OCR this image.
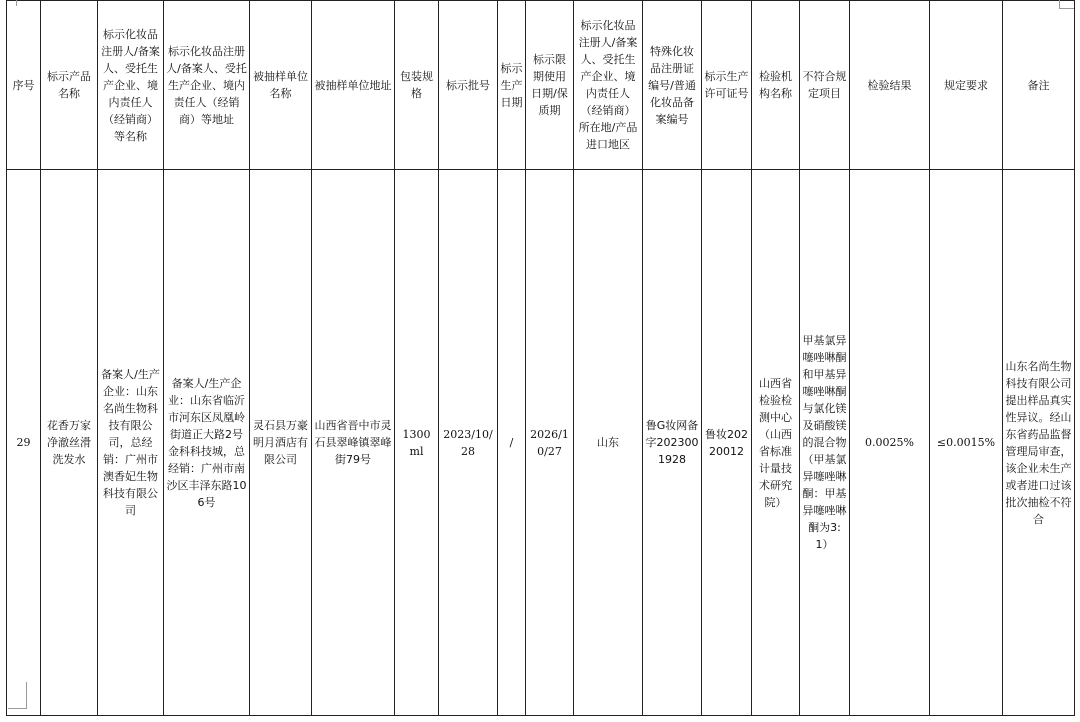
序号	标示产品名称	标示化妆品注册人/备案人、受托生产企业、境内责任人（经销商）等名称	标示化妆品注册人/备案人、受托生产企业、境内责任人（经销商）等地址	被抽样单位名称	被抽样单位地址	包装规格	标示批号	标示生产日期	标示限期使用日期/保质期	标示化妆品注册人/备案人、受托生产企业、境内责任人（经销商）所在地/产品进口地区	特殊化妆品注册证编号/普通化妆品备案编号	标示生产许可证号	检验机构名称	不符合规定项目	检验结果	规定要求	备注
29	花香万家净澈丝滑洗发水	备案人/生产企业：山东名尚生物科技有限公司，总经销：广州市澳香妃生物科技有限公司	备案人/生产企业：山东省临沂市河东区凤凰岭街道正大路2号金科科技城，总经销：广州市南沙区丰泽东路106号	灵石县万豪明月酒店有限公司	山西省晋中市灵石县翠峰镇翠峰街79号	1300 ml	2023/10/28	/	2026/10/27	山东	鲁G妆网备字2023001928	鲁妆20220012	山西省检验检测中心（山西省标准计量技术研究院）	甲基氯异噻唑啉酮和甲基异噻唑啉酮与氯化镁及硝酸镁的混合物（甲基氯异噻唑啉酮：甲基异噻唑啉酮为3:1）	0.0025%	≤0.0015%	山东名尚生物科技有限公司提出样品真实性异议。经山东省药品监督管理局审查，该企业未生产或者进口过该批次抽检不符合
